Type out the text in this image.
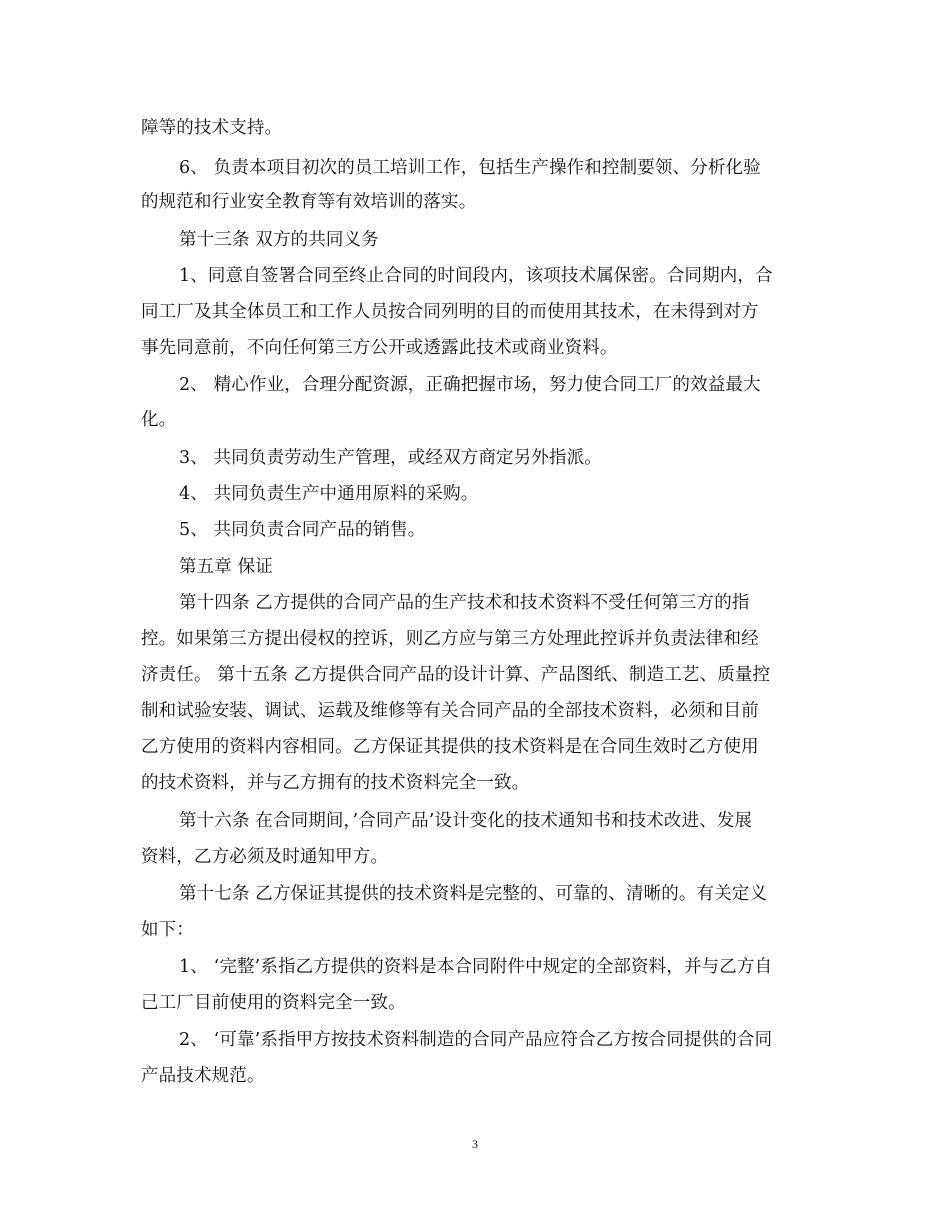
障等的技术支持。
6、 负责本项目初次的员工培训工作，包括生产操作和控制要领、分析化验
的规范和行业安全教育等有效培训的落实。
第十三条 双方的共同义务
1、同意自签署合同至终止合同的时间段内，该项技术属保密。合同期内，合
同工厂及其全体员工和工作人员按合同列明的目的而使用其技术，在未得到对方
事先同意前，不向任何第三方公开或透露此技术或商业资料。
2、 精心作业，合理分配资源，正确把握市场，努力使合同工厂的效益最大
化。
3、 共同负责劳动生产管理，或经双方商定另外指派。
4、 共同负责生产中通用原料的采购。
5、 共同负责合同产品的销售。
第五章 保证
第十四条 乙方提供的合同产品的生产技术和技术资料不受任何第三方的指
控。如果第三方提出侵权的控诉，则乙方应与第三方处理此控诉并负责法律和经
济责任。 第十五条 乙方提供合同产品的设计计算、产品图纸、制造工艺、质量控
制和试验安装、调试、运载及维修等有关合同产品的全部技术资料，必须和目前
乙方使用的资料内容相同。乙方保证其提供的技术资料是在合同生效时乙方使用
的技术资料，并与乙方拥有的技术资料完全一致。
第十六条 在合同期间，’合同产品’设计变化的技术通知书和技术改进、发展
资料，乙方必须及时通知甲方。
第十七条 乙方保证其提供的技术资料是完整的、可靠的、清晰的。有关定义
如下：
1、 ‘完整’系指乙方提供的资料是本合同附件中规定的全部资料，并与乙方自
己工厂目前使用的资料完全一致。
2、 ‘可靠’系指甲方按技术资料制造的合同产品应符合乙方按合同提供的合同
产品技术规范。
3
